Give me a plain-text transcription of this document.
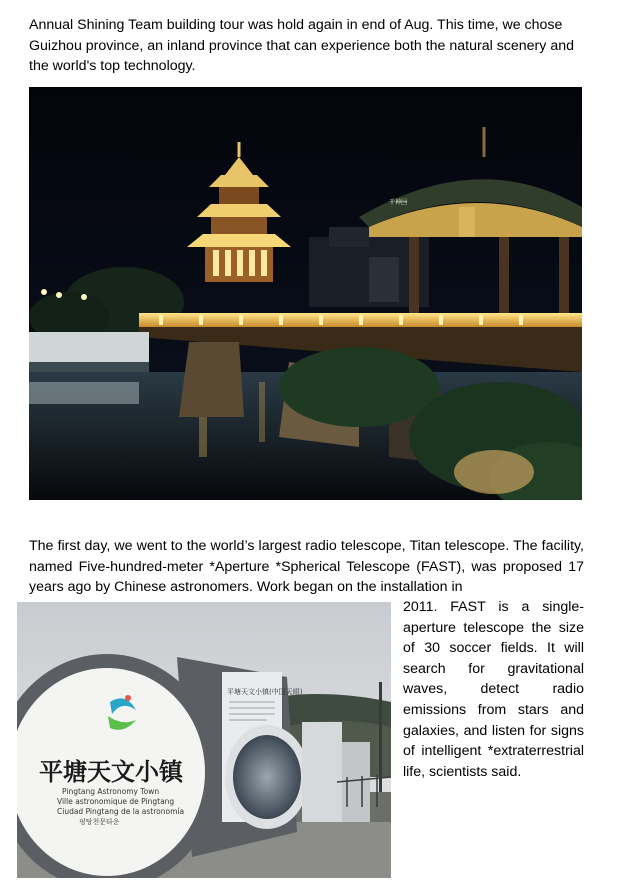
Annual Shining Team building tour was hold again in end of Aug. This time, we chose Guizhou province, an inland province that can experience both the natural scenery and the world's top technology.

千神

The first day, we went to the world’s largest radio telescope, Titan telescope. The facility, named Five-hundred-meter *Aperture *Spherical Telescope (FAST), was proposed 17 years ago by Chinese astronomers. Work began on the installation in

平塘天文小镇(中国天眼)
平塘天文小镇
Pingtang Astronomy Town
Ville astronomique de Pingtang
Ciudad Pingtang de la astronomía
핑탕천문타운

2011. FAST is a single-aperture telescope the size of 30 soccer fields. It will search for gravitational waves, detect radio emissions from stars and galaxies, and listen for signs of intelligent *extraterrestrial life, scientists said.
